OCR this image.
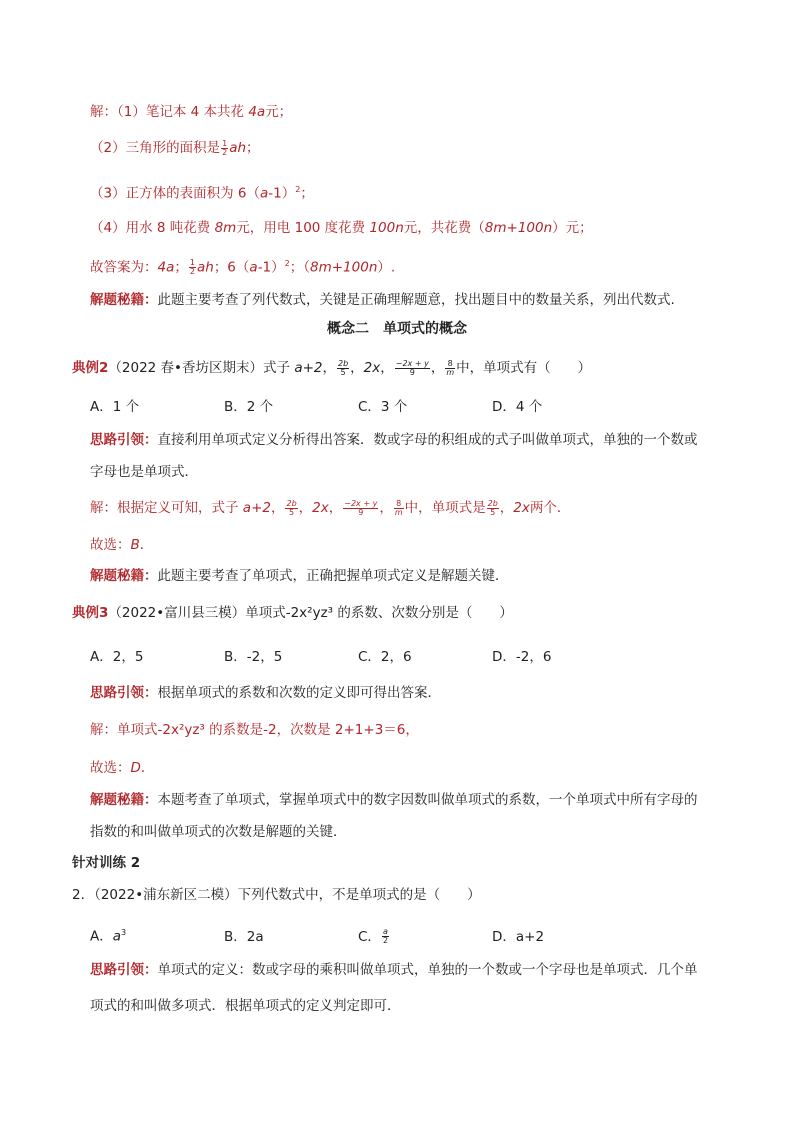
解：（1）笔记本 4 本共花 4a元；
（2）三角形的面积是 $\frac{1}{2}$ ah；
（3）正方体的表面积为 $6(a-1)^2$；
（4）用水 8 吨花费 8m元，用电 100 度花费 100n元，共花费（8m+100n）元；
故答案为：4a； $\frac{1}{2}$ ah；$6(a-1)^2$；（8m+100n）.
解题秘籍：此题主要考查了列代数式，关键是正确理解题意，找出题目中的数量关系，列出代数式.
概念二　单项式的概念
典例2（2022 春•香坊区期末）式子 a+2， $\frac{2b}{5}$ ，2x， $\frac{-2x + y}{9}$ ， $\frac{8}{m}$ 中，单项式有（　　）
A．1 个	B．2 个	C．3 个	D．4 个
思路引领：直接利用单项式定义分析得出答案．数或字母的积组成的式子叫做单项式，单独的一个数或
字母也是单项式．
解：根据定义可知，式子 a+2， $\frac{2b}{5}$ ，2x， $\frac{-2x + y}{9}$ ， $\frac{8}{m}$ 中，单项式是 $\frac{2b}{5}$ ，2x两个．
故选：B．
解题秘籍：此题主要考查了单项式，正确把握单项式定义是解题关键．
典例3（2022•富川县三模）单项式-2x²yz³ 的系数、次数分别是（　　）
A．2，5	B．-2，5	C．2，6	D．-2，6
思路引领：根据单项式的系数和次数的定义即可得出答案．
解：单项式-2x²yz³ 的系数是-2，次数是 2+1+3＝6，
故选：D．
解题秘籍：本题考查了单项式，掌握单项式中的数字因数叫做单项式的系数，一个单项式中所有字母的
指数的和叫做单项式的次数是解题的关键．
针对训练 2
2．（2022•浦东新区二模）下列代数式中，不是单项式的是（　　）
A．$a^3$	B．2a	C． $\frac{a}{2}$	D．a+2
思路引领：单项式的定义：数或字母的乘积叫做单项式，单独的一个数或一个字母也是单项式．几个单
项式的和叫做多项式．根据单项式的定义判定即可．
